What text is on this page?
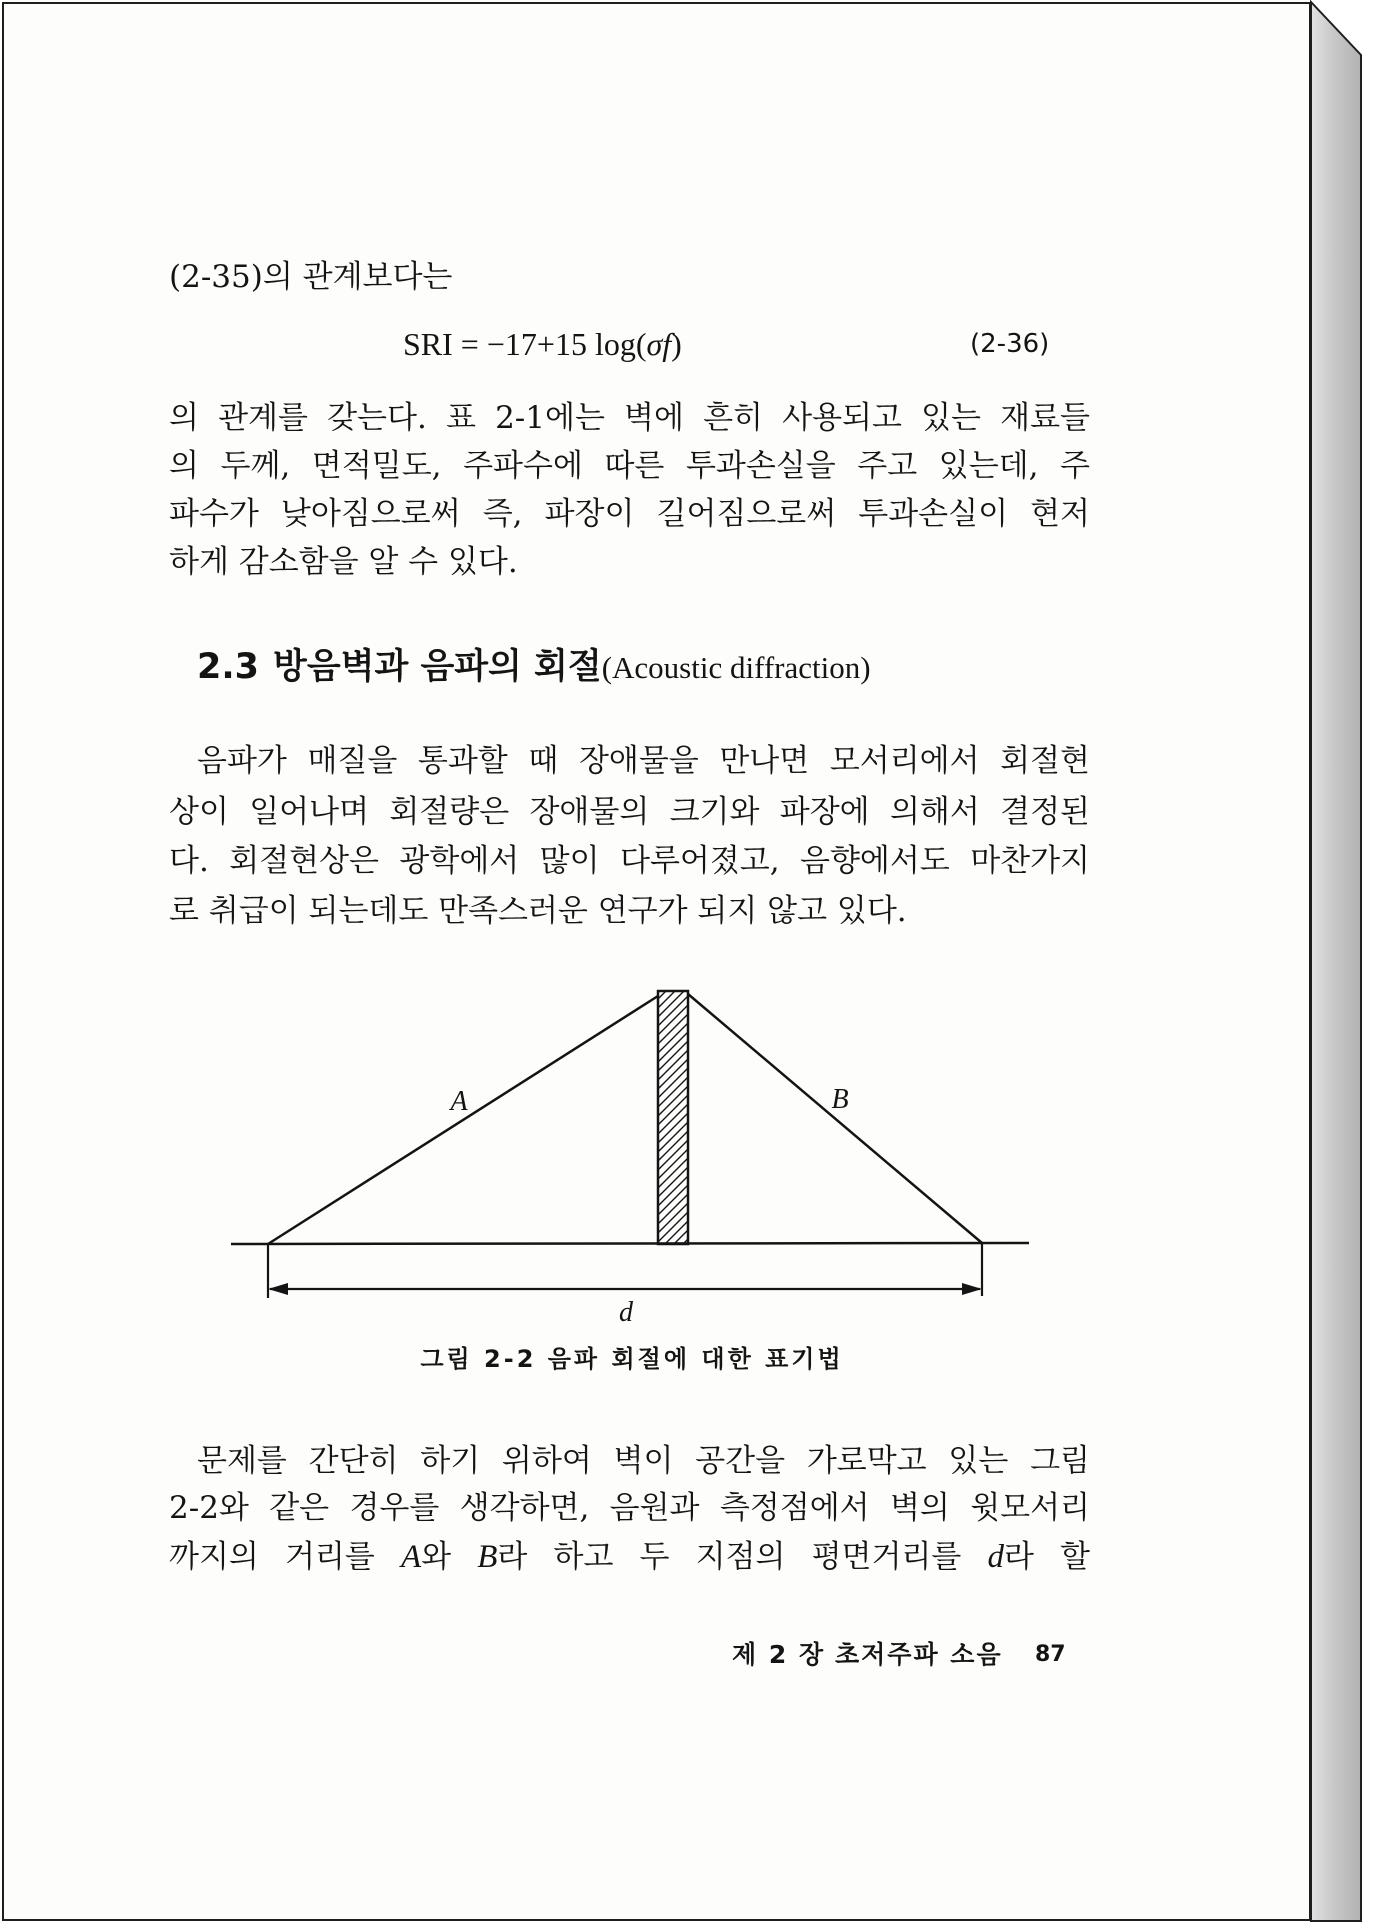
(2-35)의 관계보다는
SRI = −17+15 log(σf)	(2-36)
의 관계를 갖는다. 표 2-1에는 벽에 흔히 사용되고 있는 재료들
의 두께, 면적밀도, 주파수에 따른 투과손실을 주고 있는데, 주
파수가 낮아짐으로써 즉, 파장이 길어짐으로써 투과손실이 현저
하게 감소함을 알 수 있다.
2.3 방음벽과 음파의 회절(Acoustic diffraction)
음파가 매질을 통과할 때 장애물을 만나면 모서리에서 회절현
상이 일어나며 회절량은 장애물의 크기와 파장에 의해서 결정된
다. 회절현상은 광학에서 많이 다루어졌고, 음향에서도 마찬가지
로 취급이 되는데도 만족스러운 연구가 되지 않고 있다.
A	B
d
그림 2-2 음파 회절에 대한 표기법
문제를 간단히 하기 위하여 벽이 공간을 가로막고 있는 그림
2-2와 같은 경우를 생각하면, 음원과 측정점에서 벽의 윗모서리
까지의 거리를 A와 B라 하고 두 지점의 평면거리를 d라 할
제 2 장 초저주파 소음 87
